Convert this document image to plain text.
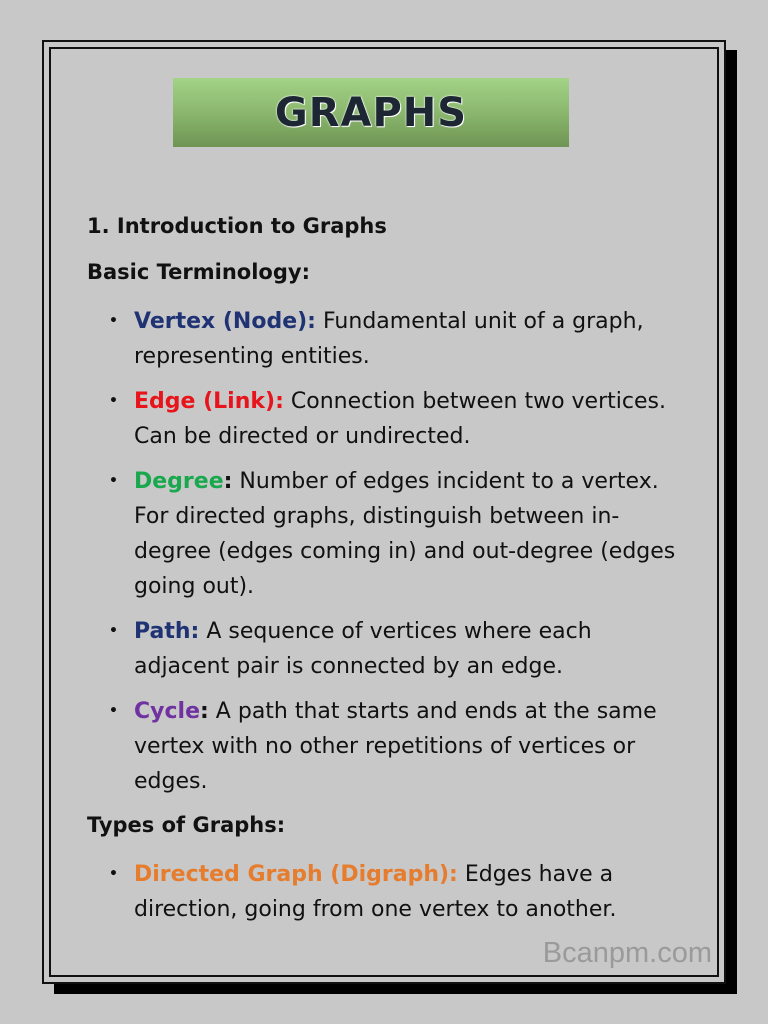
GRAPHS
1. Introduction to Graphs
Basic Terminology:
• Vertex (Node): Fundamental unit of a graph, representing entities.
• Edge (Link): Connection between two vertices. Can be directed or undirected.
• Degree: Number of edges incident to a vertex. For directed graphs, distinguish between in-degree (edges coming in) and out-degree (edges going out).
• Path: A sequence of vertices where each adjacent pair is connected by an edge.
• Cycle: A path that starts and ends at the same vertex with no other repetitions of vertices or edges.
Types of Graphs:
• Directed Graph (Digraph): Edges have a direction, going from one vertex to another.
Bcanpm.com
